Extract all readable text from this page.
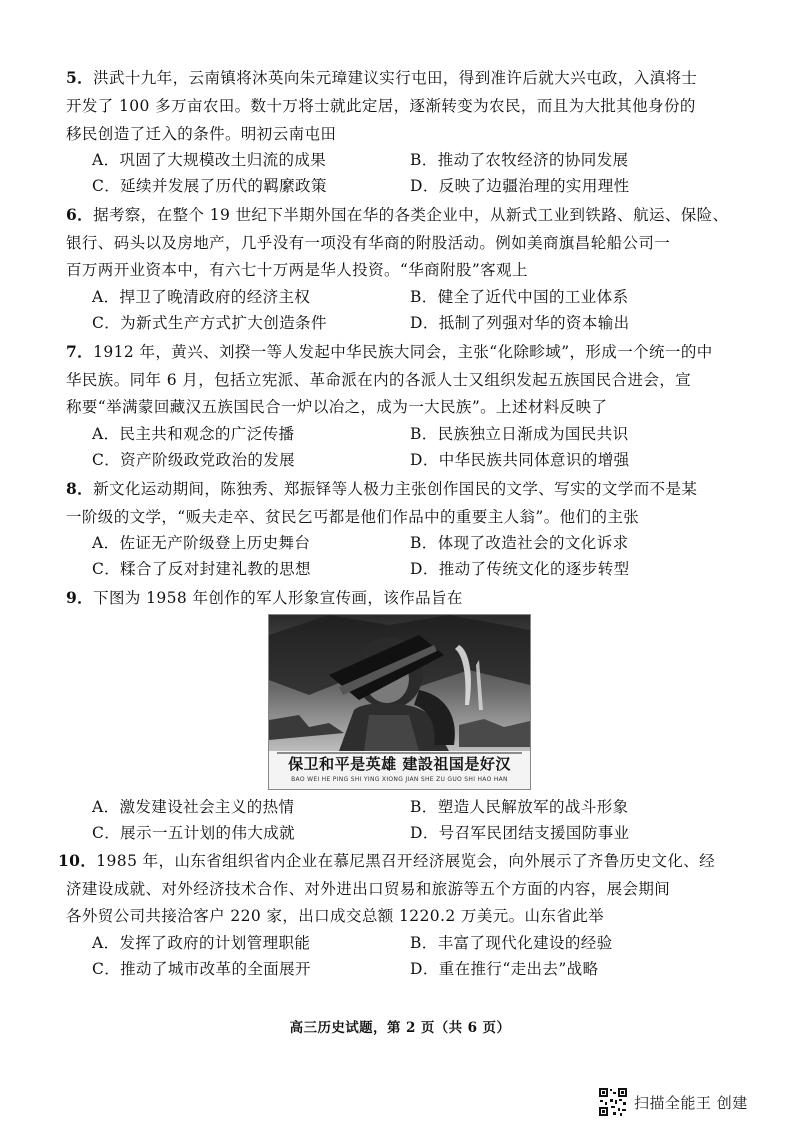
5．洪武十九年，云南镇将沐英向朱元璋建议实行屯田，得到准许后就大兴屯政，入滇将士
开发了 100 多万亩农田。数十万将士就此定居，逐渐转变为农民，而且为大批其他身份的
移民创造了迁入的条件。明初云南屯田
A．巩固了大规模改土归流的成果	B．推动了农牧经济的协同发展
C．延续并发展了历代的羁縻政策	D．反映了边疆治理的实用理性
6．据考察，在整个 19 世纪下半期外国在华的各类企业中，从新式工业到铁路、航运、保险、
银行、码头以及房地产，几乎没有一项没有华商的附股活动。例如美商旗昌轮船公司一
百万两开业资本中，有六七十万两是华人投资。“华商附股”客观上
A．捍卫了晚清政府的经济主权	B．健全了近代中国的工业体系
C．为新式生产方式扩大创造条件	D．抵制了列强对华的资本输出
7．1912 年，黄兴、刘揆一等人发起中华民族大同会，主张“化除畛域”，形成一个统一的中
华民族。同年 6 月，包括立宪派、革命派在内的各派人士又组织发起五族国民合进会，宣
称要“举满蒙回藏汉五族国民合一炉以冶之，成为一大民族”。上述材料反映了
A．民主共和观念的广泛传播	B．民族独立日渐成为国民共识
C．资产阶级政党政治的发展	D．中华民族共同体意识的增强
8．新文化运动期间，陈独秀、郑振铎等人极力主张创作国民的文学、写实的文学而不是某
一阶级的文学，“贩夫走卒、贫民乞丐都是他们作品中的重要主人翁”。他们的主张
A．佐证无产阶级登上历史舞台	B．体现了改造社会的文化诉求
C．糅合了反对封建礼教的思想	D．推动了传统文化的逐步转型
9．下图为 1958 年创作的军人形象宣传画，该作品旨在
保卫和平是英雄 建設祖国是好汉
BAO WEI HE PING SHI YING XIONG JIAN SHE ZU GUO SHI HAO HAN
A．激发建设社会主义的热情	B．塑造人民解放军的战斗形象
C．展示一五计划的伟大成就	D．号召军民团结支援国防事业
10．1985 年，山东省组织省内企业在慕尼黑召开经济展览会，向外展示了齐鲁历史文化、经
济建设成就、对外经济技术合作、对外进出口贸易和旅游等五个方面的内容，展会期间
各外贸公司共接洽客户 220 家，出口成交总额 1220.2 万美元。山东省此举
A．发挥了政府的计划管理职能	B．丰富了现代化建设的经验
C．推动了城市改革的全面展开	D．重在推行“走出去”战略
高三历史试题，第 2 页（共 6 页）
扫描全能王 创建
